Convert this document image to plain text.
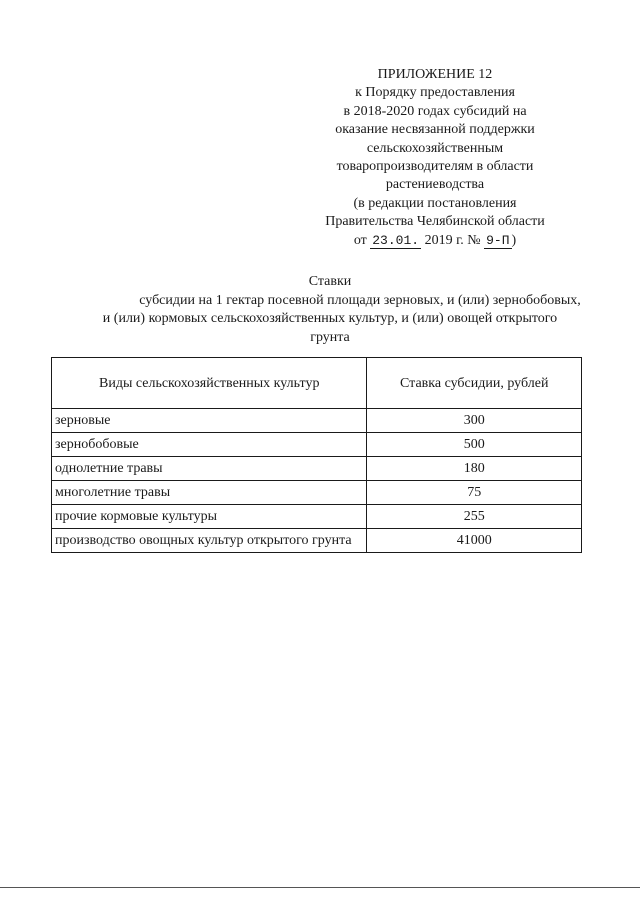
ПРИЛОЖЕНИЕ 12
к Порядку предоставления
в 2018-2020 годах субсидий на
оказание несвязанной поддержки
сельскохозяйственным
товаропроизводителям в области
растениеводства
(в редакции постановления
Правительства Челябинской области
от 23.01. 2019 г. № 9-П )
Ставки
субсидии на 1 гектар посевной площади зерновых, и (или) зернобобовых,
и (или) кормовых сельскохозяйственных культур, и (или) овощей открытого
грунта
Виды сельскохозяйственных культур	Ставка субсидии, рублей
зерновые	300
зернобобовые	500
однолетние травы	180
многолетние травы	75
прочие кормовые культуры	255
производство овощных культур открытого грунта	41000
